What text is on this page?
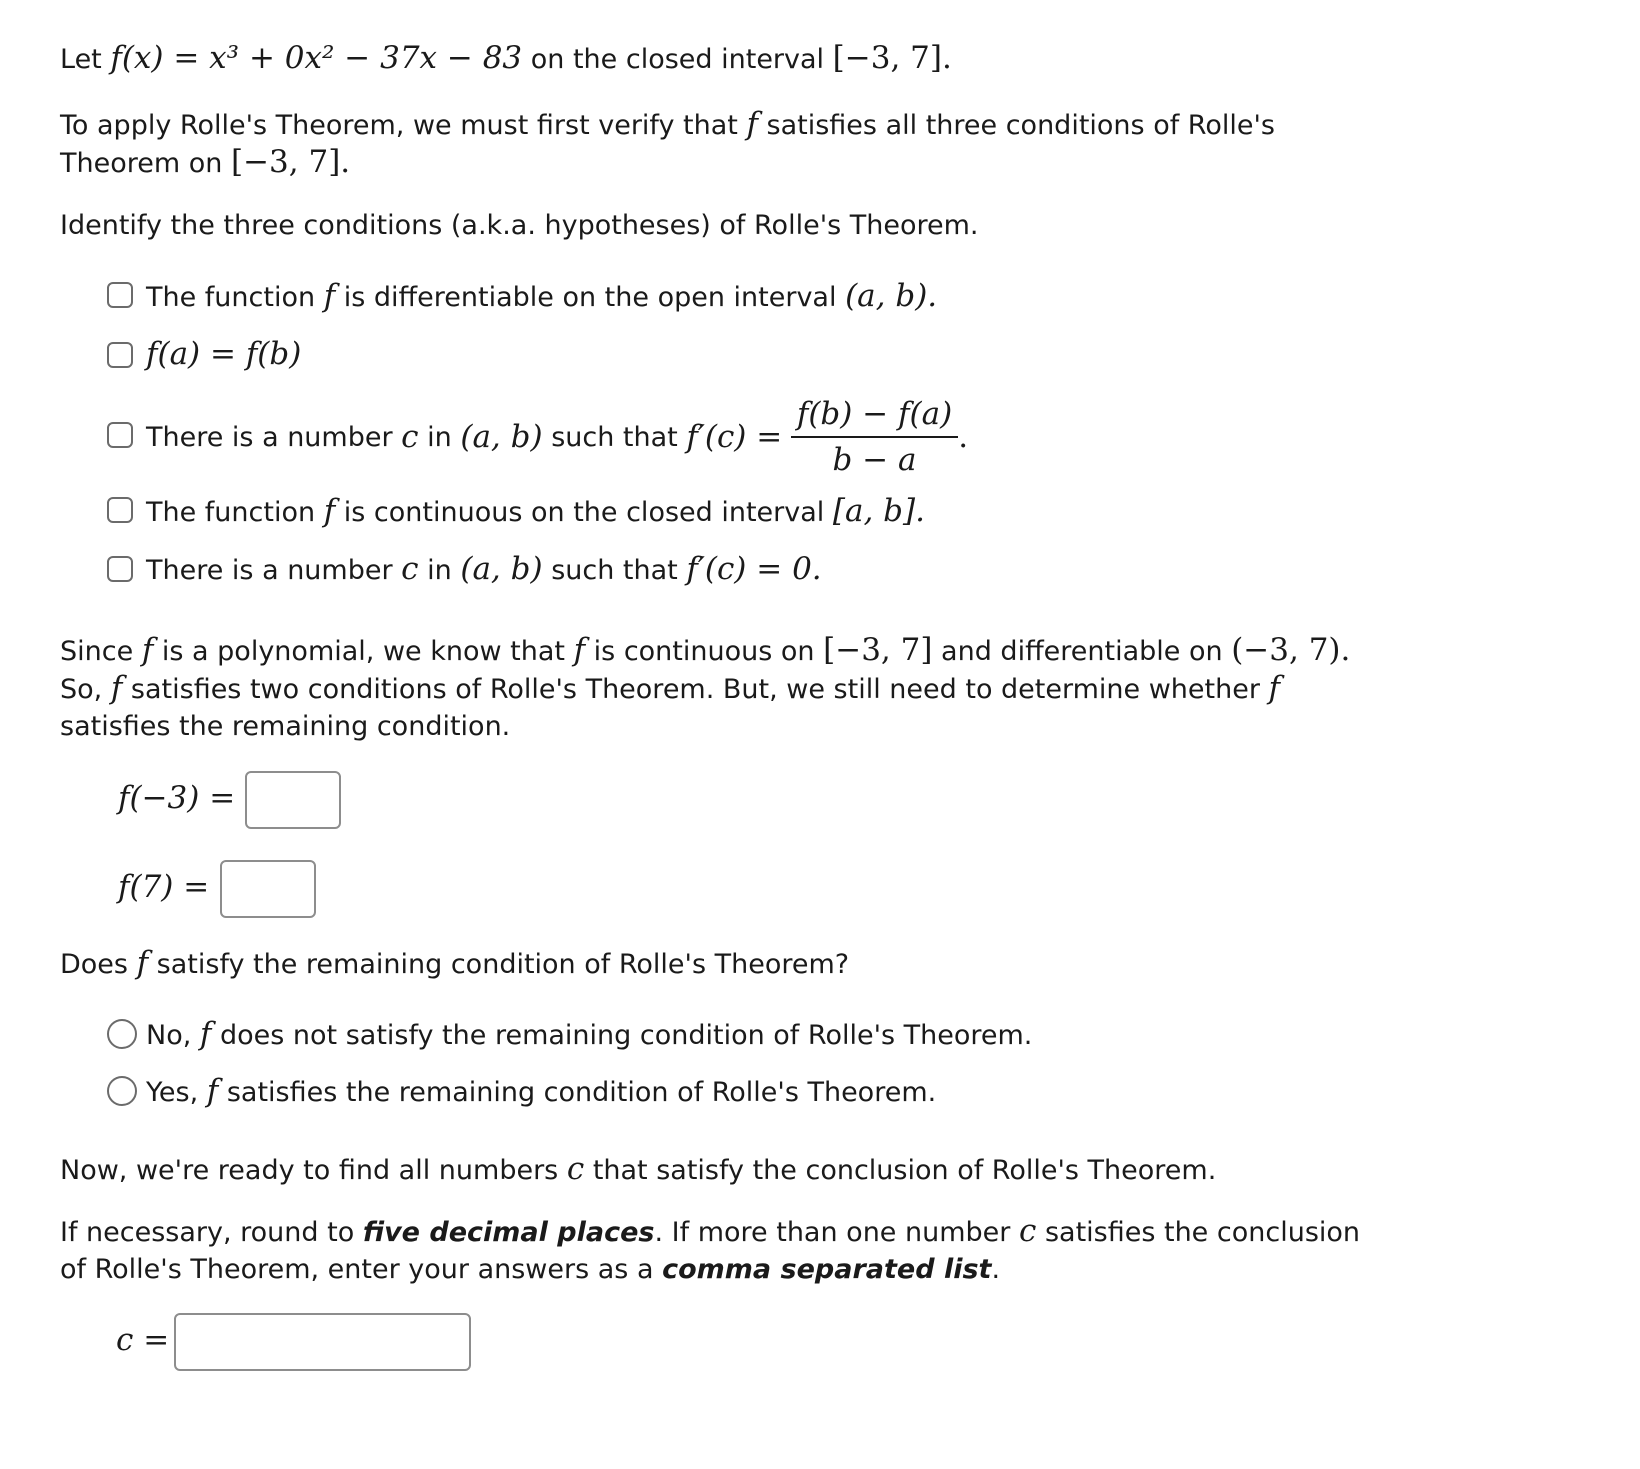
Let f(x) = x³ + 0x² − 37x − 83 on the closed interval [−3, 7].
To apply Rolle's Theorem, we must first verify that f satisfies all three conditions of Rolle's Theorem on [−3, 7].
Identify the three conditions (a.k.a. hypotheses) of Rolle's Theorem.
The function f is differentiable on the open interval (a, b).
f(a) = f(b)
There is a number
c
in
(a, b)
such that
f′(c) =
$\frac{f(b) - f(a)}{b - a}$ .
The function f is continuous on the closed interval [a, b].
There is a number c in (a, b) such that f′(c) = 0.
Since f is a polynomial, we know that f is continuous on [−3, 7] and differentiable on (−3, 7). So, f satisfies two conditions of Rolle's Theorem. But, we still need to determine whether f satisfies the remaining condition.
f(−3) =
f(7) =
Does f satisfy the remaining condition of Rolle's Theorem?
No, f does not satisfy the remaining condition of Rolle's Theorem.
Yes, f satisfies the remaining condition of Rolle's Theorem.
Now, we're ready to find all numbers c that satisfy the conclusion of Rolle's Theorem.
If necessary, round to five decimal places. If more than one number c satisfies the conclusion of Rolle's Theorem, enter your answers as a comma separated list.
c =
